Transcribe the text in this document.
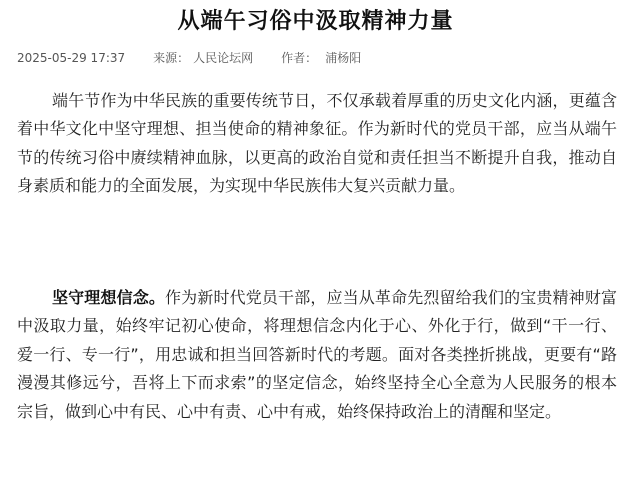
从端午习俗中汲取精神力量
2025-05-29 17:37 来源： 人民论坛网 作者： 浦杨阳

端午节作为中华民族的重要传统节日，不仅承载着厚重的历史文化内涵，更蕴含着中华文化中坚守理想、担当使命的精神象征。作为新时代的党员干部，应当从端午节的传统习俗中赓续精神血脉，以更高的政治自觉和责任担当不断提升自我，推动自身素质和能力的全面发展，为实现中华民族伟大复兴贡献力量。

坚守理想信念。作为新时代党员干部，应当从革命先烈留给我们的宝贵精神财富中汲取力量，始终牢记初心使命，将理想信念内化于心、外化于行，做到“干一行、爱一行、专一行”，用忠诚和担当回答新时代的考题。面对各类挫折挑战，更要有“路漫漫其修远兮，吾将上下而求索”的坚定信念，始终坚持全心全意为人民服务的根本宗旨，做到心中有民、心中有责、心中有戒，始终保持政治上的清醒和坚定。
